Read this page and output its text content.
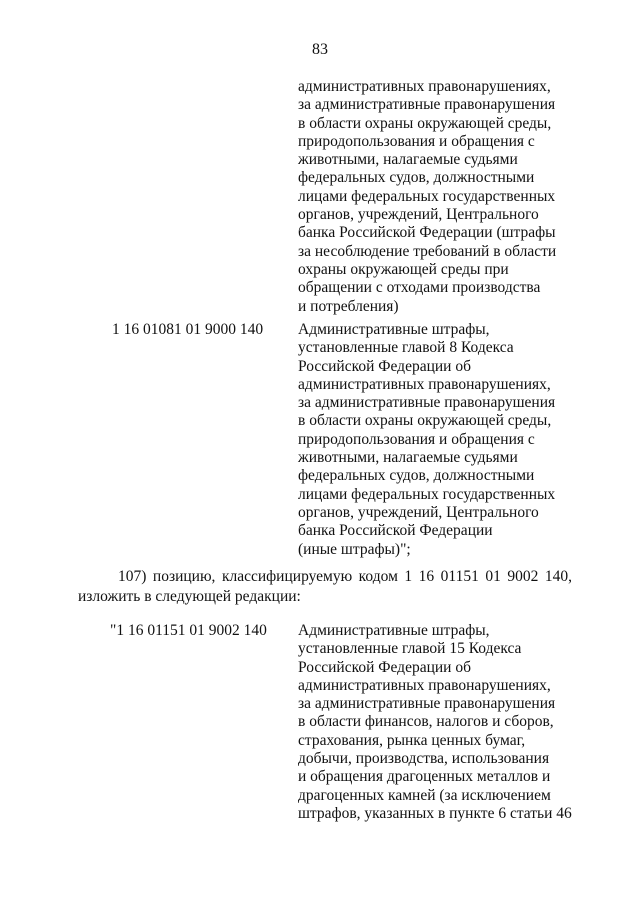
83
административных правонарушениях,
за административные правонарушения
в области охраны окружающей среды,
природопользования и обращения с
животными, налагаемые судьями
федеральных судов, должностными
лицами федеральных государственных
органов, учреждений, Центрального
банка Российской Федерации (штрафы
за несоблюдение требований в области
охраны окружающей среды при
обращении с отходами производства
и потребления)
1 16 01081 01 9000 140	Административные штрафы,
установленные главой 8 Кодекса
Российской Федерации об
административных правонарушениях,
за административные правонарушения
в области охраны окружающей среды,
природопользования и обращения с
животными, налагаемые судьями
федеральных судов, должностными
лицами федеральных государственных
органов, учреждений, Центрального
банка Российской Федерации
(иные штрафы)";
107) позицию, классифицируемую кодом 1 16 01151 01 9002 140,
изложить в следующей редакции:
"1 16 01151 01 9002 140	Административные штрафы,
установленные главой 15 Кодекса
Российской Федерации об
административных правонарушениях,
за административные правонарушения
в области финансов, налогов и сборов,
страхования, рынка ценных бумаг,
добычи, производства, использования
и обращения драгоценных металлов и
драгоценных камней (за исключением
штрафов, указанных в пункте 6 статьи 46
